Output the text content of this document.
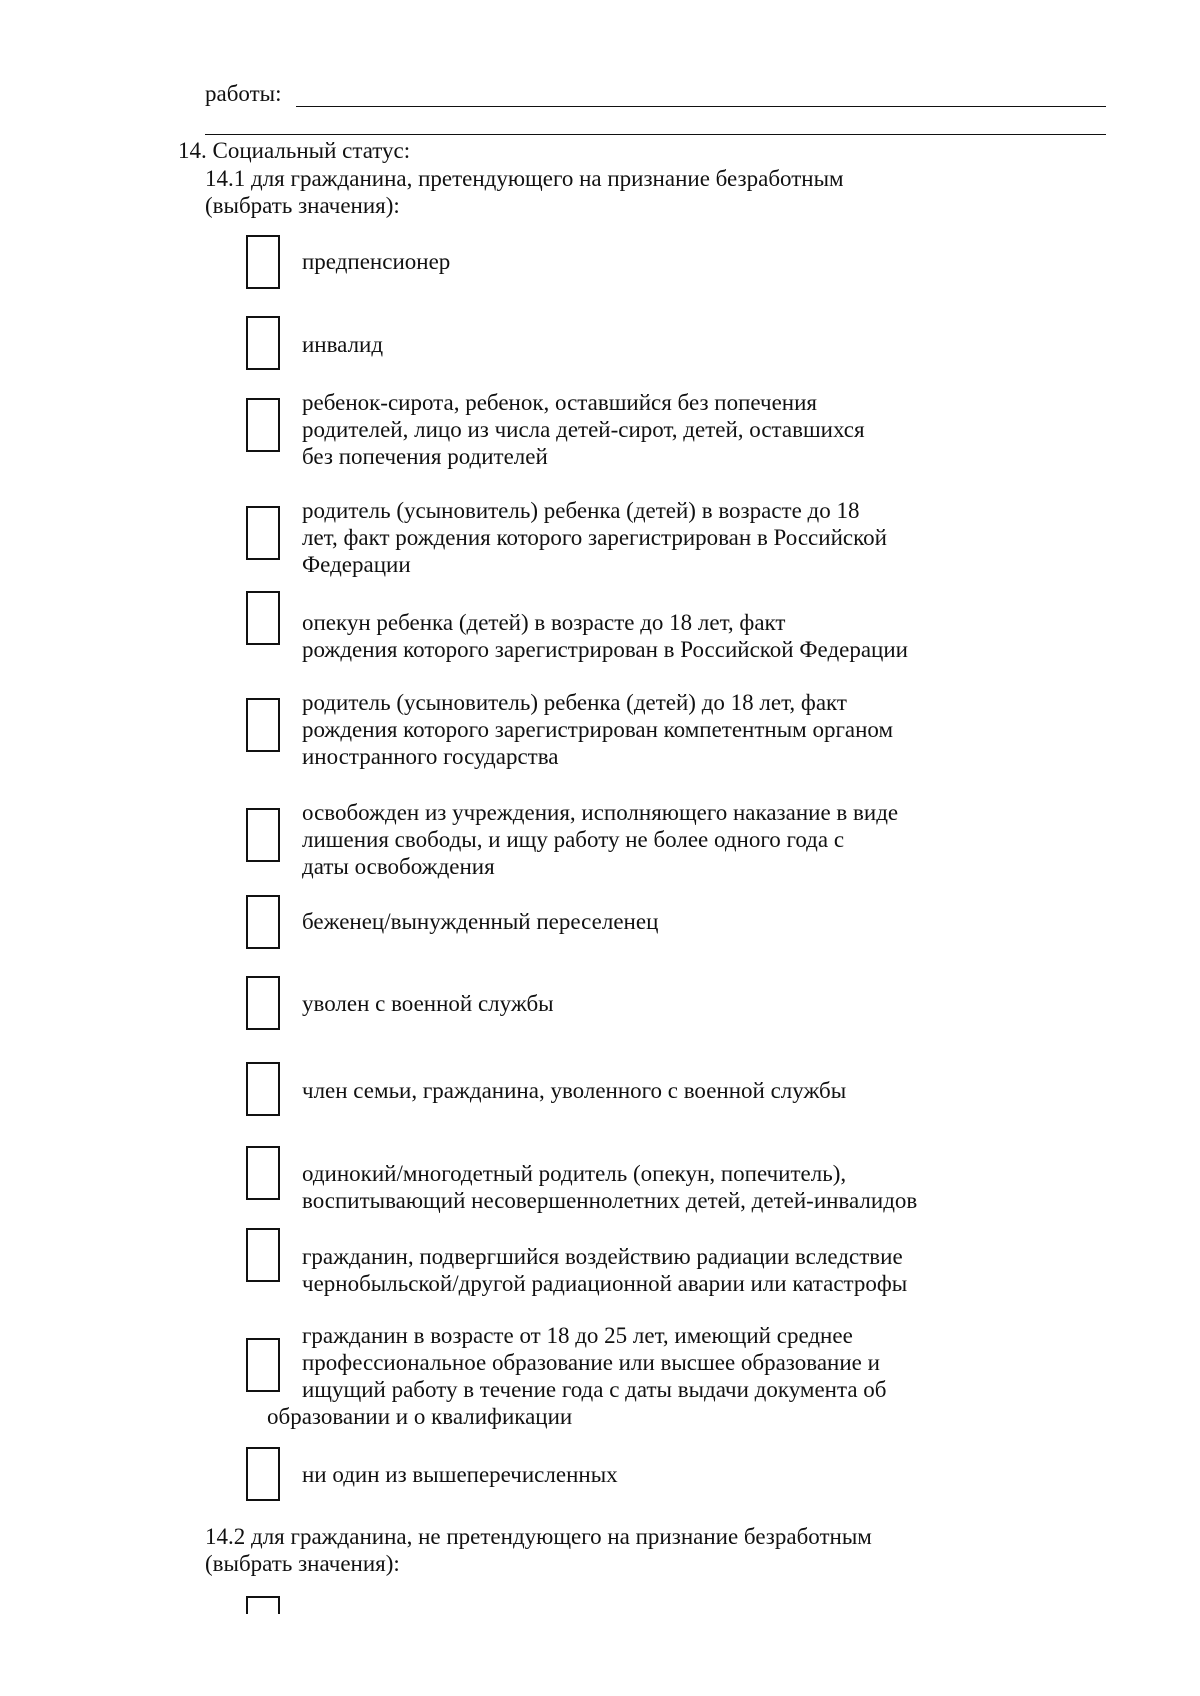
работы:
14. Социальный статус:
14.1 для гражданина, претендующего на признание безработным
(выбрать значения):
предпенсионер
инвалид
ребенок-сирота, ребенок, оставшийся без попечения
родителей, лицо из числа детей-сирот, детей, оставшихся
без попечения родителей
родитель (усыновитель) ребенка (детей) в возрасте до 18
лет, факт рождения которого зарегистрирован в Российской
Федерации
опекун ребенка (детей) в возрасте до 18 лет, факт
рождения которого зарегистрирован в Российской Федерации
родитель (усыновитель) ребенка (детей) до 18 лет, факт
рождения которого зарегистрирован компетентным органом
иностранного государства
освобожден из учреждения, исполняющего наказание в виде
лишения свободы, и ищу работу не более одного года с
даты освобождения
беженец/вынужденный переселенец
уволен с военной службы
член семьи, гражданина, уволенного с военной службы
одинокий/многодетный родитель (опекун, попечитель),
воспитывающий несовершеннолетних детей, детей-инвалидов
гражданин, подвергшийся воздействию радиации вследствие
чернобыльской/другой радиационной аварии или катастрофы
гражданин в возрасте от 18 до 25 лет, имеющий среднее
профессиональное образование или высшее образование и
ищущий работу в течение года с даты выдачи документа об
образовании и о квалификации
ни один из вышеперечисленных
14.2 для гражданина, не претендующего на признание безработным
(выбрать значения):
